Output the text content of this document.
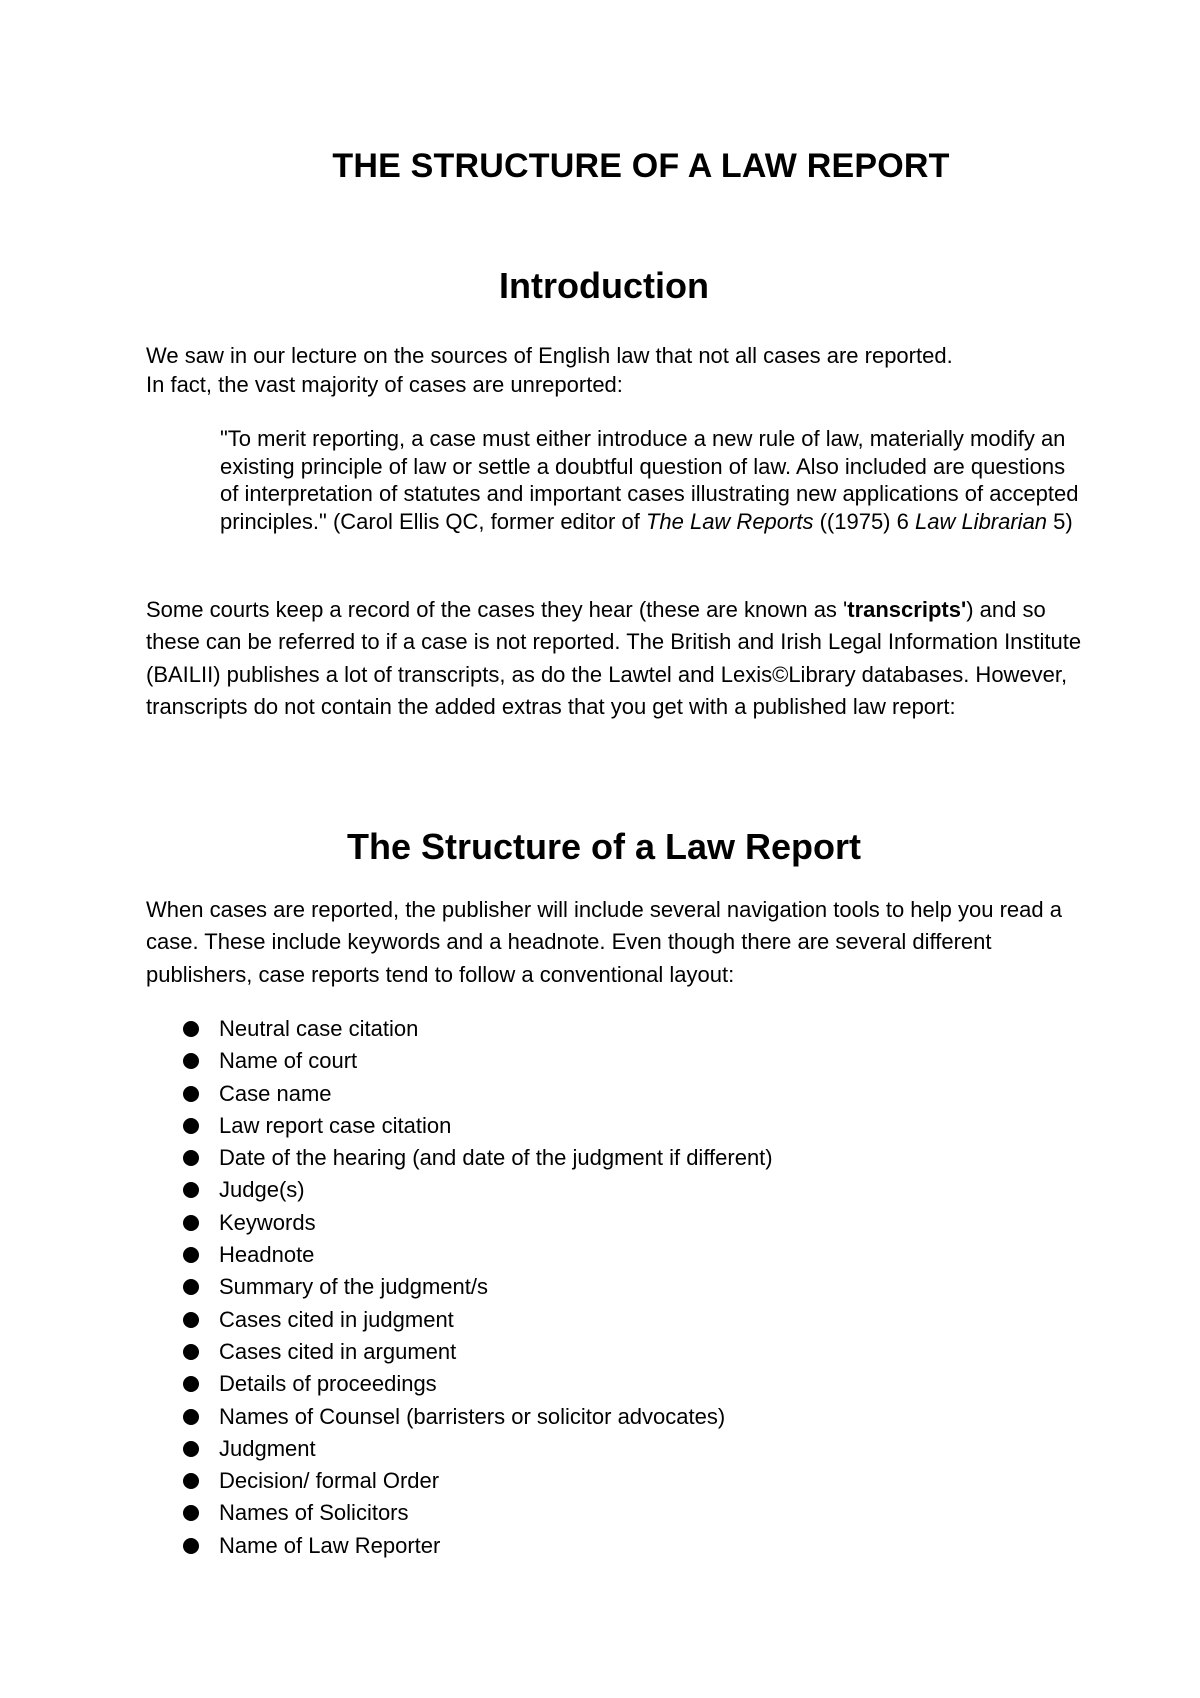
THE STRUCTURE OF A LAW REPORT
Introduction

We saw in our lecture on the sources of English law that not all cases are reported.
In fact, the vast majority of cases are unreported:

"To merit reporting, a case must either introduce a new rule of law, materially modify an existing principle of law or settle a doubtful question of law. Also included are questions of interpretation of statutes and important cases illustrating new applications of accepted principles." (Carol Ellis QC, former editor of The Law Reports ((1975) 6 Law Librarian 5)

Some courts keep a record of the cases they hear (these are known as 'transcripts') and so these can be referred to if a case is not reported. The British and Irish Legal Information Institute (BAILII) publishes a lot of transcripts, as do the Lawtel and Lexis©Library databases. However, transcripts do not contain the added extras that you get with a published law report:

The Structure of a Law Report

When cases are reported, the publisher will include several navigation tools to help you read a case. These include keywords and a headnote. Even though there are several different publishers, case reports tend to follow a conventional layout:

Neutral case citation
Name of court
Case name
Law report case citation
Date of the hearing (and date of the judgment if different)
Judge(s)
Keywords
Headnote
Summary of the judgment/s
Cases cited in judgment
Cases cited in argument
Details of proceedings
Names of Counsel (barristers or solicitor advocates)
Judgment
Decision/ formal Order
Names of Solicitors
Name of Law Reporter
